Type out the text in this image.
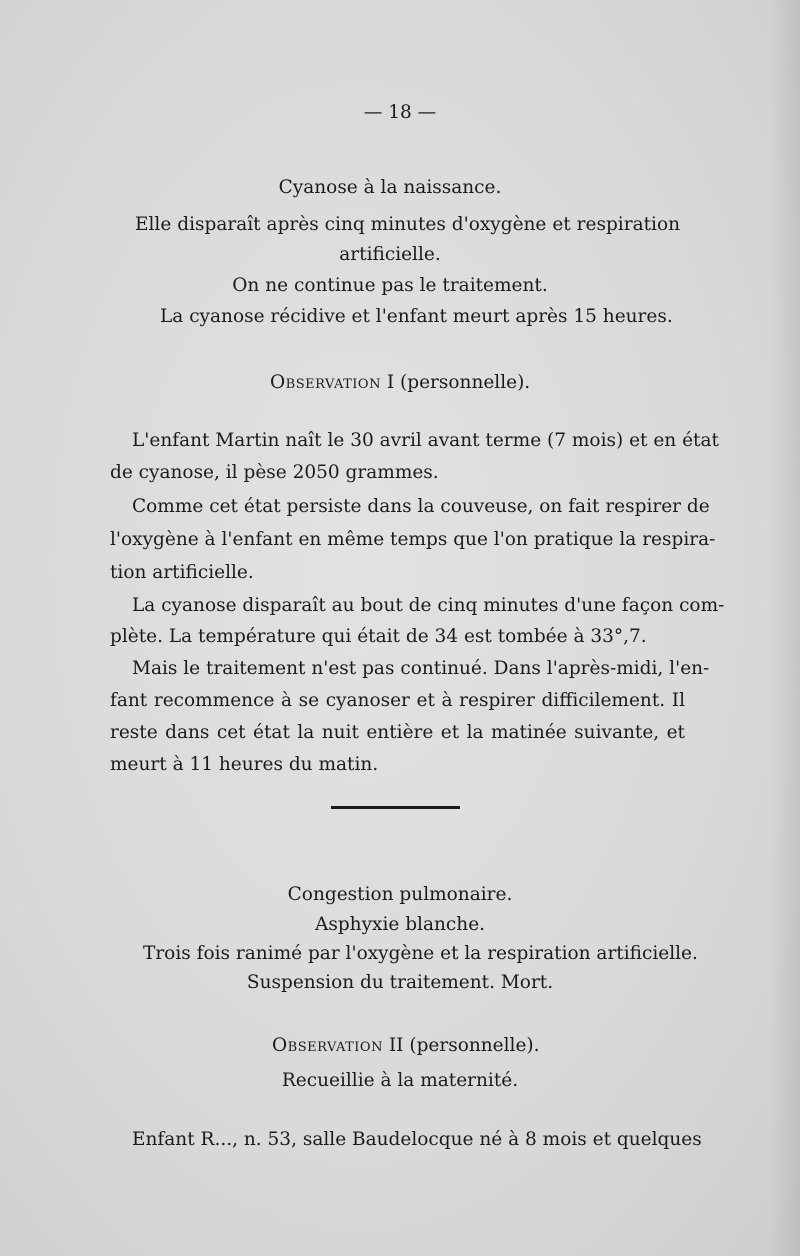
— 18 —
Cyanose à la naissance.
Elle disparaît après cinq minutes d'oxygène et respiration
artificielle.
On ne continue pas le traitement.
La cyanose récidive et l'enfant meurt après 15 heures.
Observation I (personnelle).
L'enfant Martin naît le 30 avril avant terme (7 mois) et en état
de cyanose, il pèse 2050 grammes.
Comme cet état persiste dans la couveuse, on fait respirer de
l'oxygène à l'enfant en même temps que l'on pratique la respira-
tion artificielle.
La cyanose disparaît au bout de cinq minutes d'une façon com-
plète. La température qui était de 34 est tombée à 33°,7.
Mais le traitement n'est pas continué. Dans l'après-midi, l'en-
fant recommence à se cyanoser et à respirer difficilement. Il
reste dans cet état la nuit entière et la matinée suivante, et
meurt à 11 heures du matin.
Congestion pulmonaire.
Asphyxie blanche.
Trois fois ranimé par l'oxygène et la respiration artificielle.
Suspension du traitement. Mort.
Observation II (personnelle).
Recueillie à la maternité.
Enfant R..., n. 53, salle Baudelocque né à 8 mois et quelques
